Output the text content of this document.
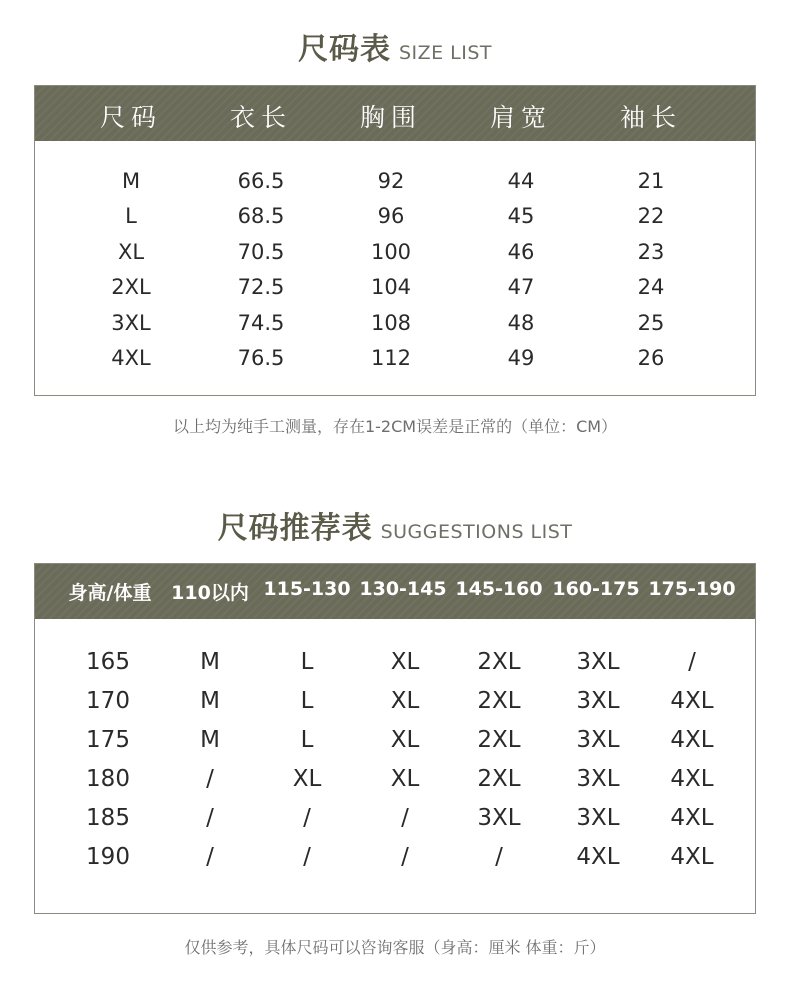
尺码表 SIZE LIST
尺码	衣长	胸围	肩宽	袖长
M	66.5	92	44	21
L	68.5	96	45	22
XL	70.5	100	46	23
2XL	72.5	104	47	24
3XL	74.5	108	48	25
4XL	76.5	112	49	26
以上均为纯手工测量，存在1-2CM误差是正常的（单位：CM）
尺码推荐表 SUGGESTIONS LIST
身高/体重 110以内 115-130 130-145 145-160 160-175 175-190
165	M	L	XL	2XL 3XL	/
170	M	L	XL	2XL 3XL 4XL
175	M	L	XL	2XL 3XL 4XL
180	/	XL	XL	2XL 3XL 4XL
185	/	/	/	3XL 3XL 4XL
190	/	/	/	/	4XL 4XL
仅供参考，具体尺码可以咨询客服（身高：厘米 体重：斤）
